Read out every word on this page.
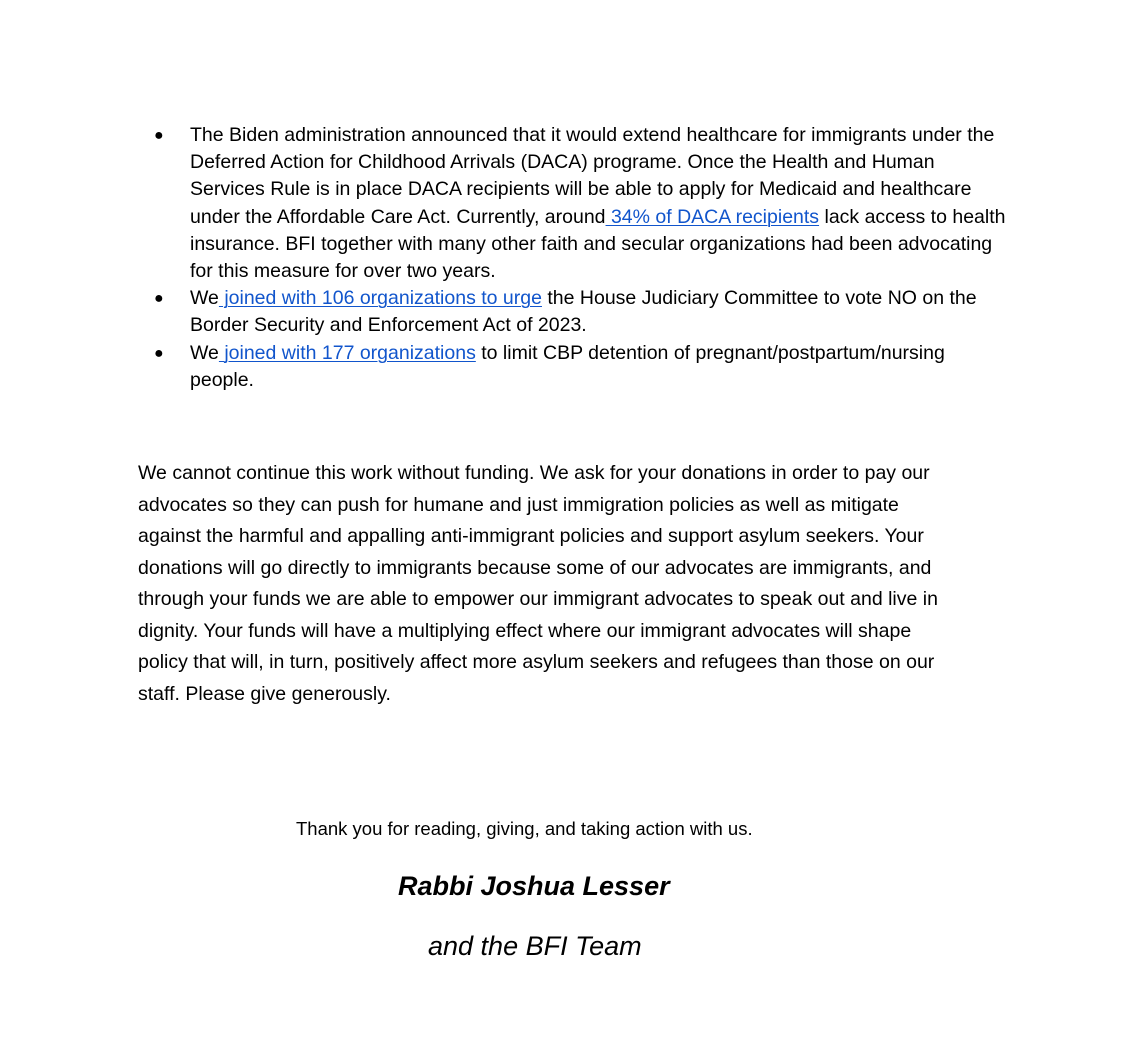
● The Biden administration announced that it would extend healthcare for immigrants under the Deferred Action for Childhood Arrivals (DACA) programe. Once the Health and Human Services Rule is in place DACA recipients will be able to apply for Medicaid and healthcare under the Affordable Care Act. Currently, around 34% of DACA recipients lack access to health insurance. BFI together with many other faith and secular organizations had been advocating for this measure for over two years.
● We joined with 106 organizations to urge the House Judiciary Committee to vote NO on the Border Security and Enforcement Act of 2023.
● We joined with 177 organizations to limit CBP detention of pregnant/postpartum/nursing people.

We cannot continue this work without funding. We ask for your donations in order to pay our advocates so they can push for humane and just immigration policies as well as mitigate against the harmful and appalling anti-immigrant policies and support asylum seekers. Your donations will go directly to immigrants because some of our advocates are immigrants, and through your funds we are able to empower our immigrant advocates to speak out and live in dignity. Your funds will have a multiplying effect where our immigrant advocates will shape policy that will, in turn, positively affect more asylum seekers and refugees than those on our staff. Please give generously.

Thank you for reading, giving, and taking action with us.

Rabbi Joshua Lesser

and the BFI Team
